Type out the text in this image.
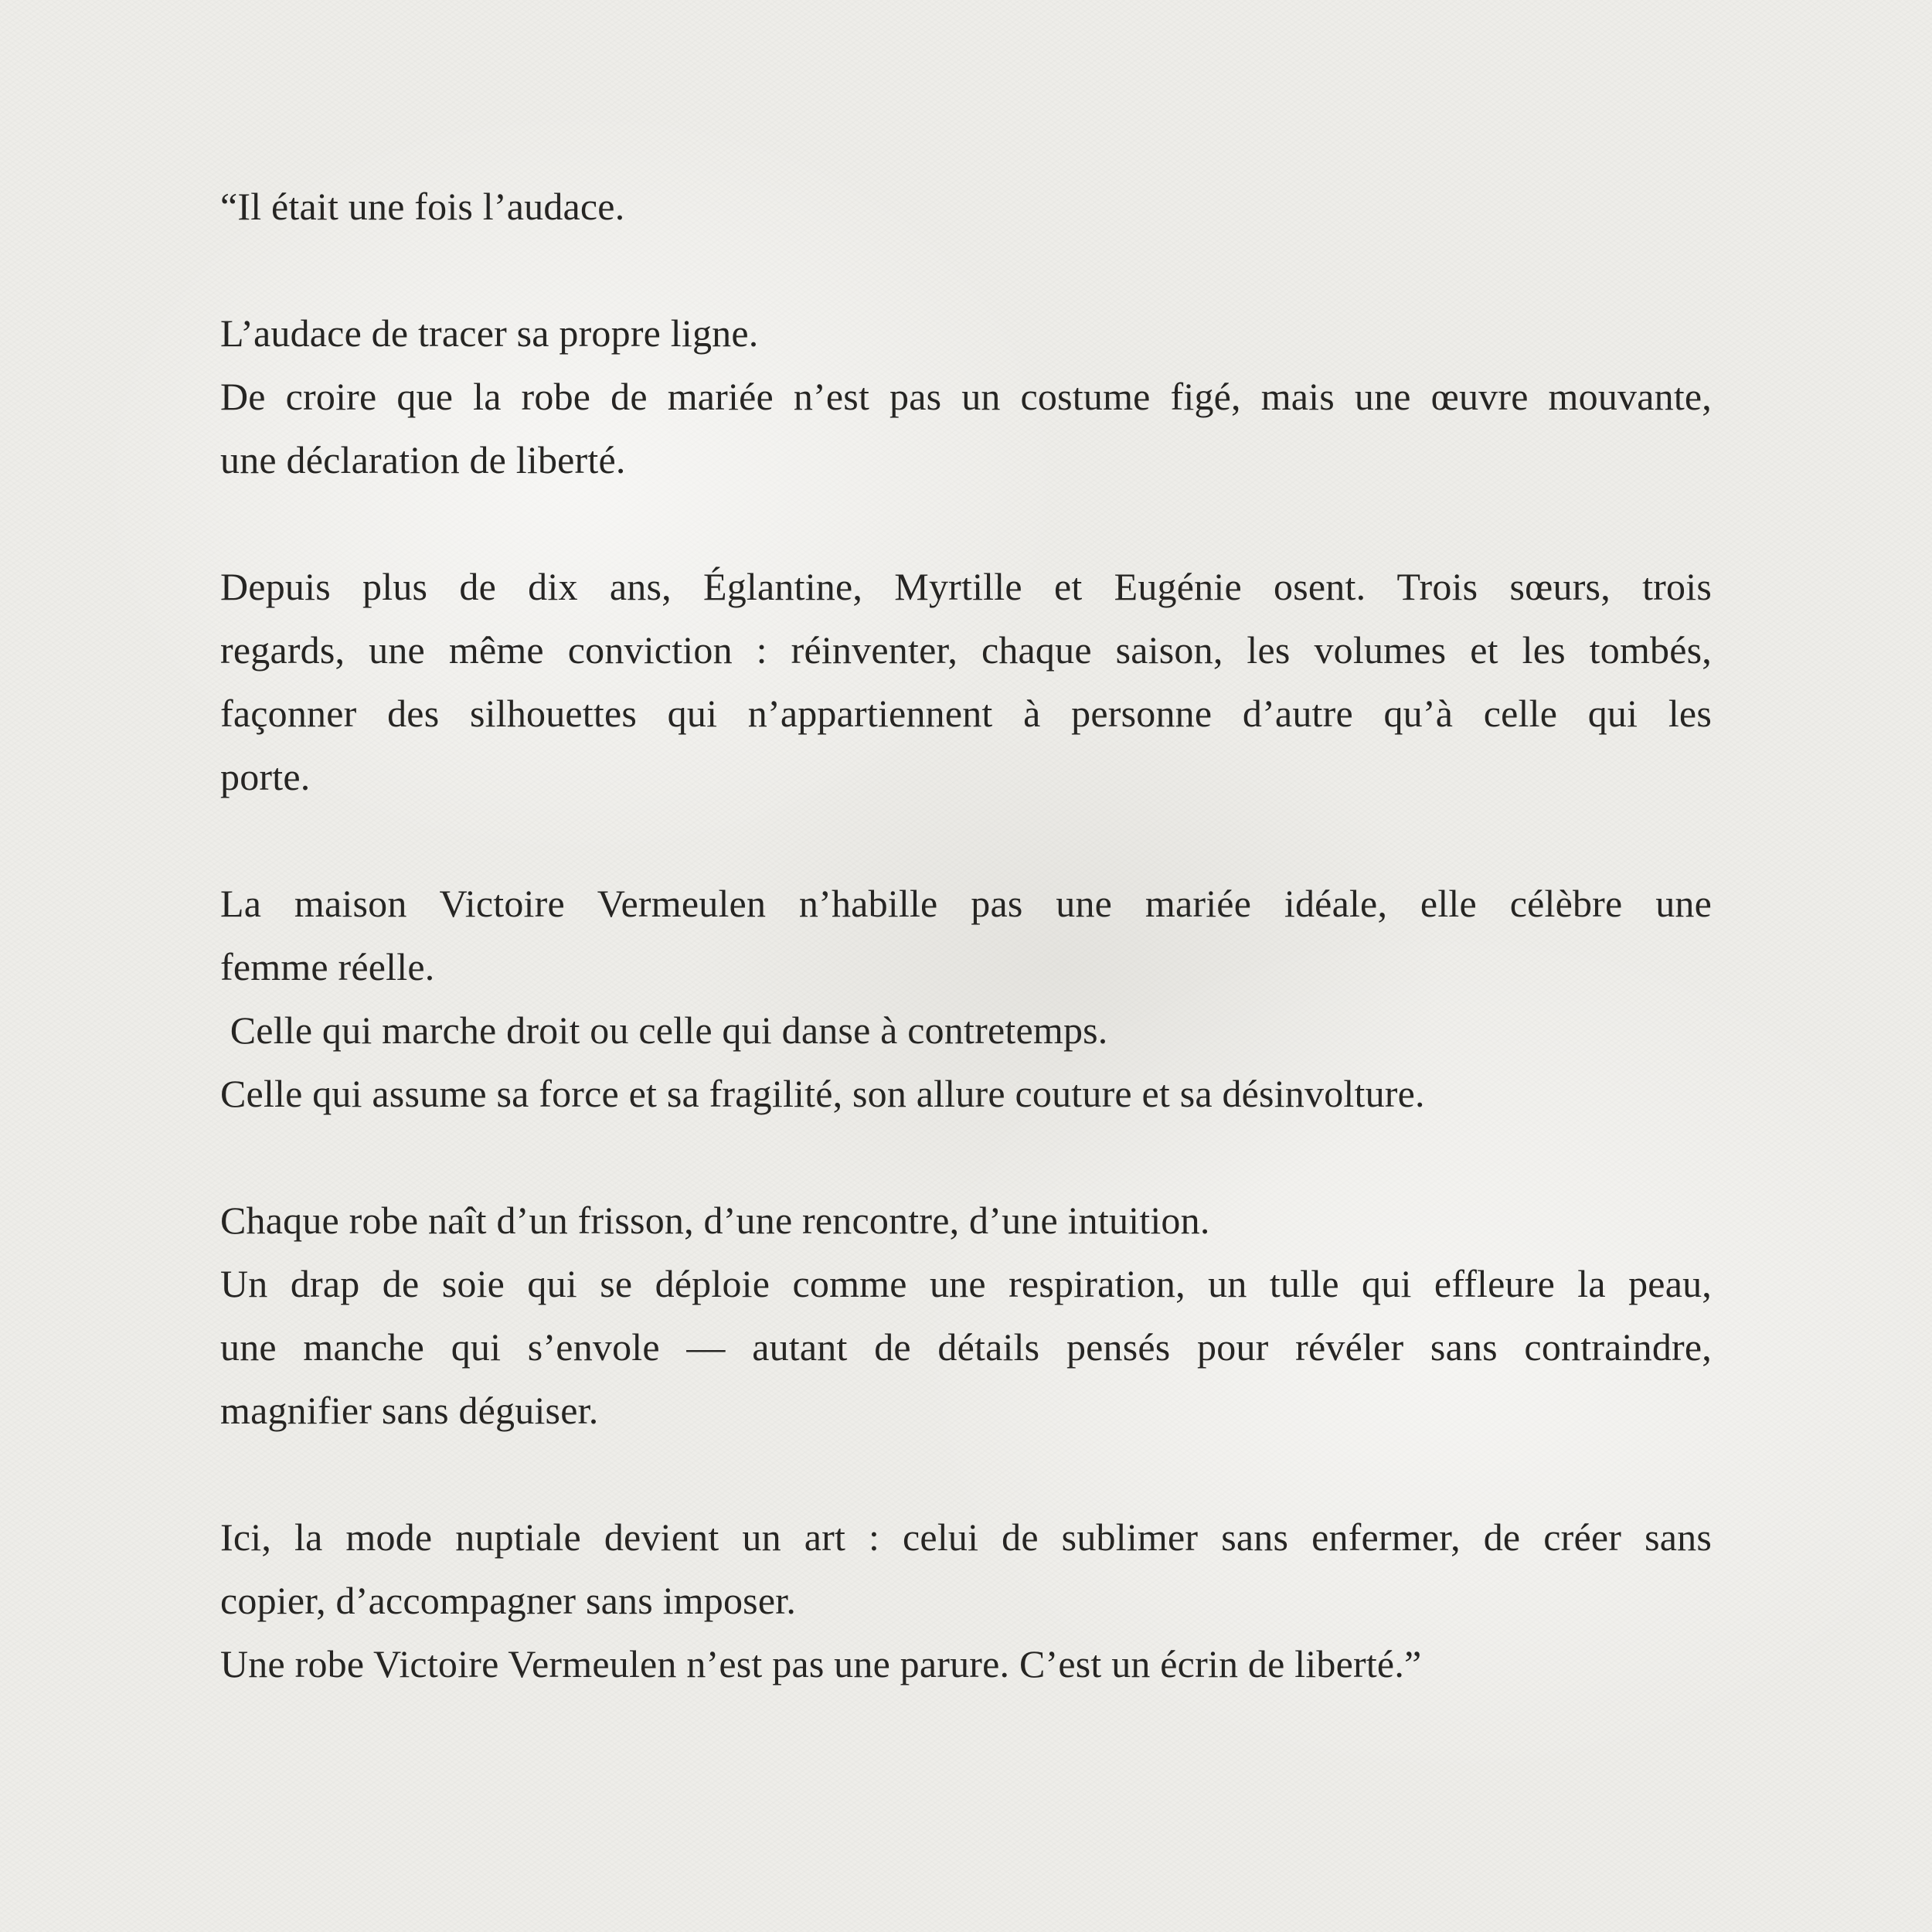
“Il était une fois l’audace.
L’audace de tracer sa propre ligne.
De croire que la robe de mariée n’est pas un costume figé, mais une œuvre mouvante,
une déclaration de liberté.
Depuis plus de dix ans, Églantine, Myrtille et Eugénie osent. Trois sœurs, trois
regards, une même conviction : réinventer, chaque saison, les volumes et les tombés,
façonner des silhouettes qui n’appartiennent à personne d’autre qu’à celle qui les
porte.
La maison Victoire Vermeulen n’habille pas une mariée idéale, elle célèbre une
femme réelle.
Celle qui marche droit ou celle qui danse à contretemps.
Celle qui assume sa force et sa fragilité, son allure couture et sa désinvolture.
Chaque robe naît d’un frisson, d’une rencontre, d’une intuition.
Un drap de soie qui se déploie comme une respiration, un tulle qui effleure la peau,
une manche qui s’envole — autant de détails pensés pour révéler sans contraindre,
magnifier sans déguiser.
Ici, la mode nuptiale devient un art : celui de sublimer sans enfermer, de créer sans
copier, d’accompagner sans imposer.
Une robe Victoire Vermeulen n’est pas une parure. C’est un écrin de liberté.”
